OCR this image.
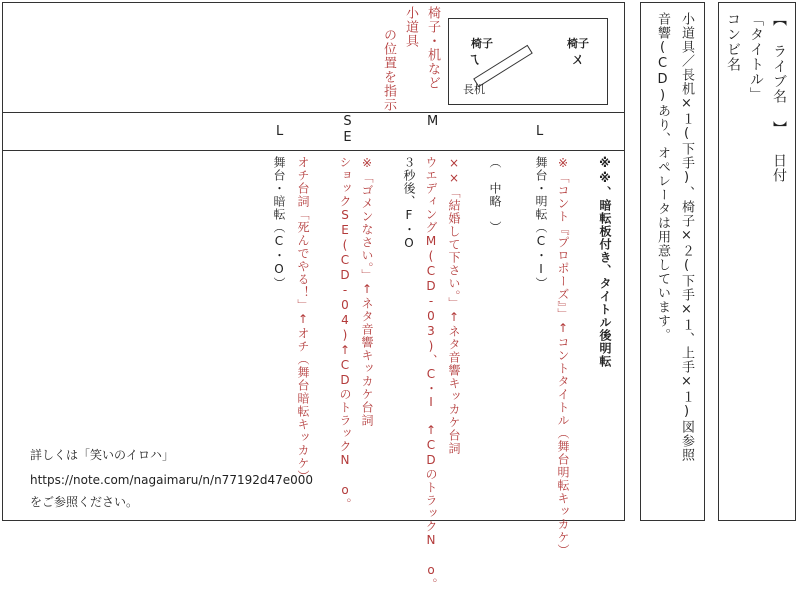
【 ライブ名 】 日付
「タイトル」
コンビ名
小道具／長机×１(下手)、椅子×２(下手×１、上手×１)図参照
音響(CD)あり、オペレータは用意しています。
椅子
ㄟ
椅子
ㄨ
長机
椅子・机など
小道具
の位置を指示
L
M
SE
L
※※、暗転板付き、タイトル後明転
※「コント『プロポーズ』」↑コントタイトル（舞台明転キッカケ）
舞台・明転（C・I）
（　中略　）
××「結婚して下さい。」↑ネタ音響キッカケ台詞
ウエディングM(CD-03)、C・I　↑CDのトラックN o。
３秒後、F・O
※「ゴメンなさい。」↑ネタ音響キッカケ台詞
ショックSE(CD-04)↑CDのトラックN o。
オチ台詞「死んでやる！」↑オチ（舞台暗転キッカケ）
舞台・暗転（C・O）
詳しくは「笑いのイロハ」
https://note.com/nagaimaru/n/n77192d47e000
をご参照ください。
